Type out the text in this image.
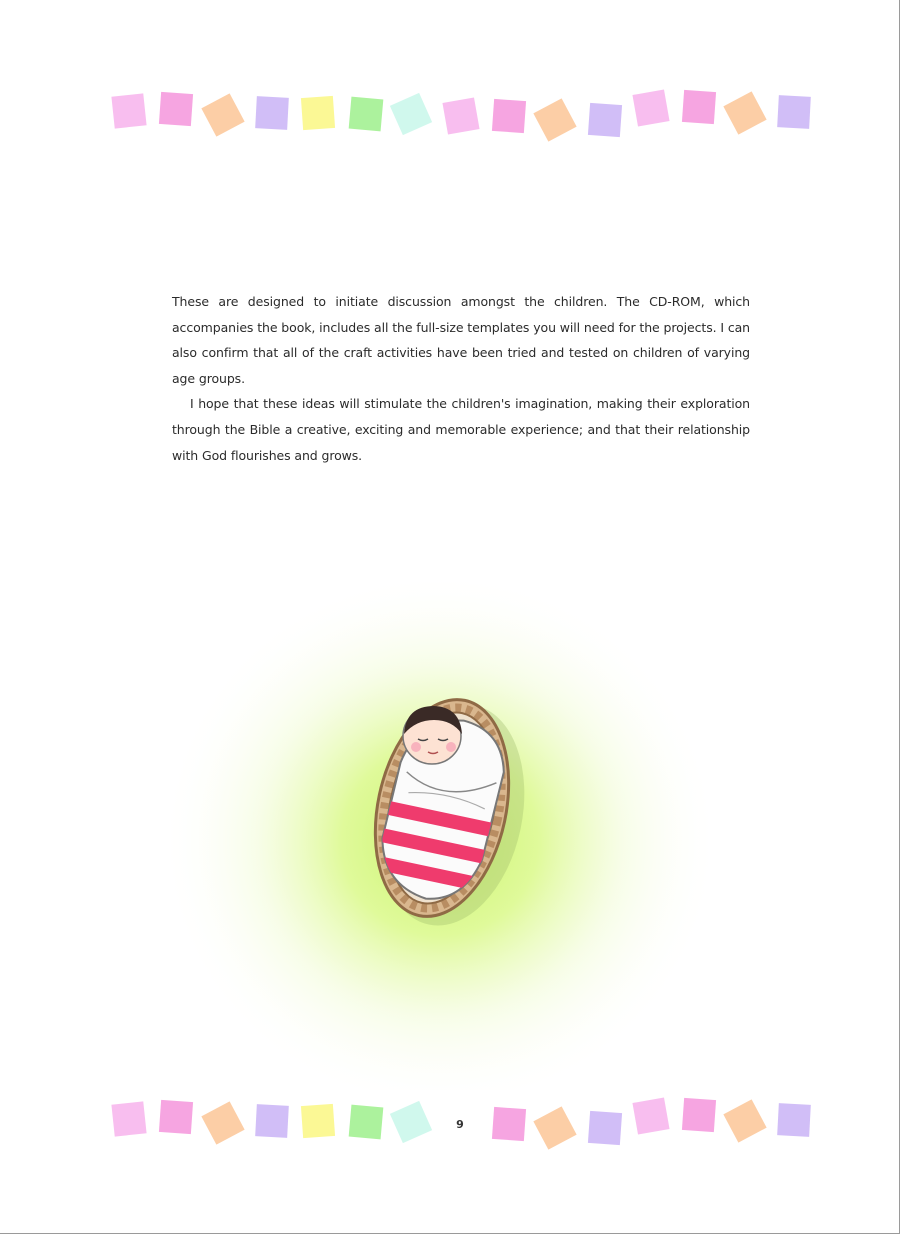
These are designed to initiate discussion amongst the children. The CD-ROM, which accompanies the book, includes all the full-size templates you will need for the projects. I can also confirm that all of the craft activities have been tried and tested on children of varying age groups.

I hope that these ideas will stimulate the children's imagination, making their exploration through the Bible a creative, exciting and memorable experience; and that their relationship with God flourishes and grows.

9
